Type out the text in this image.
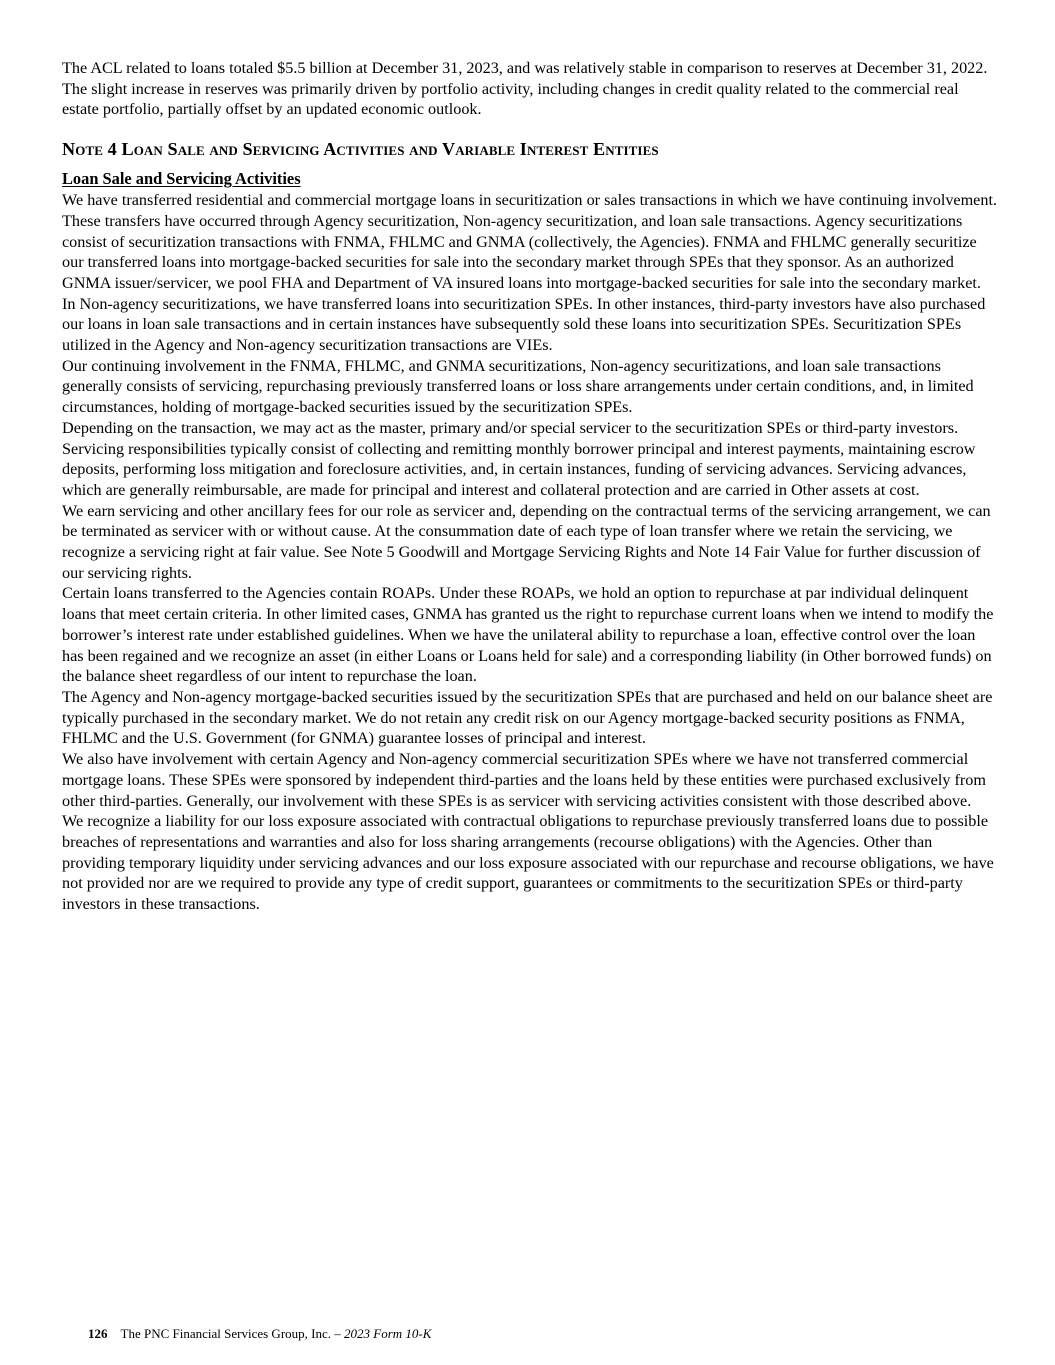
The ACL related to loans totaled $5.5 billion at December 31, 2023, and was relatively stable in comparison to reserves at December 31, 2022. The slight increase in reserves was primarily driven by portfolio activity, including changes in credit quality related to the commercial real estate portfolio, partially offset by an updated economic outlook.

Note 4 Loan Sale and Servicing Activities and Variable Interest Entities
Loan Sale and Servicing Activities

We have transferred residential and commercial mortgage loans in securitization or sales transactions in which we have continuing involvement. These transfers have occurred through Agency securitization, Non-agency securitization, and loan sale transactions. Agency securitizations consist of securitization transactions with FNMA, FHLMC and GNMA (collectively, the Agencies). FNMA and FHLMC generally securitize our transferred loans into mortgage-backed securities for sale into the secondary market through SPEs that they sponsor. As an authorized GNMA issuer/servicer, we pool FHA and Department of VA insured loans into mortgage-backed securities for sale into the secondary market. In Non-agency securitizations, we have transferred loans into securitization SPEs. In other instances, third-party investors have also purchased our loans in loan sale transactions and in certain instances have subsequently sold these loans into securitization SPEs. Securitization SPEs utilized in the Agency and Non-agency securitization transactions are VIEs.

Our continuing involvement in the FNMA, FHLMC, and GNMA securitizations, Non-agency securitizations, and loan sale transactions generally consists of servicing, repurchasing previously transferred loans or loss share arrangements under certain conditions, and, in limited circumstances, holding of mortgage-backed securities issued by the securitization SPEs.

Depending on the transaction, we may act as the master, primary and/or special servicer to the securitization SPEs or third-party investors. Servicing responsibilities typically consist of collecting and remitting monthly borrower principal and interest payments, maintaining escrow deposits, performing loss mitigation and foreclosure activities, and, in certain instances, funding of servicing advances. Servicing advances, which are generally reimbursable, are made for principal and interest and collateral protection and are carried in Other assets at cost.

We earn servicing and other ancillary fees for our role as servicer and, depending on the contractual terms of the servicing arrangement, we can be terminated as servicer with or without cause. At the consummation date of each type of loan transfer where we retain the servicing, we recognize a servicing right at fair value. See Note 5 Goodwill and Mortgage Servicing Rights and Note 14 Fair Value for further discussion of our servicing rights.

Certain loans transferred to the Agencies contain ROAPs. Under these ROAPs, we hold an option to repurchase at par individual delinquent loans that meet certain criteria. In other limited cases, GNMA has granted us the right to repurchase current loans when we intend to modify the borrower’s interest rate under established guidelines. When we have the unilateral ability to repurchase a loan, effective control over the loan has been regained and we recognize an asset (in either Loans or Loans held for sale) and a corresponding liability (in Other borrowed funds) on the balance sheet regardless of our intent to repurchase the loan.

The Agency and Non-agency mortgage-backed securities issued by the securitization SPEs that are purchased and held on our balance sheet are typically purchased in the secondary market. We do not retain any credit risk on our Agency mortgage-backed security positions as FNMA, FHLMC and the U.S. Government (for GNMA) guarantee losses of principal and interest.

We also have involvement with certain Agency and Non-agency commercial securitization SPEs where we have not transferred commercial mortgage loans. These SPEs were sponsored by independent third-parties and the loans held by these entities were purchased exclusively from other third-parties. Generally, our involvement with these SPEs is as servicer with servicing activities consistent with those described above.

We recognize a liability for our loss exposure associated with contractual obligations to repurchase previously transferred loans due to possible breaches of representations and warranties and also for loss sharing arrangements (recourse obligations) with the Agencies. Other than providing temporary liquidity under servicing advances and our loss exposure associated with our repurchase and recourse obligations, we have not provided nor are we required to provide any type of credit support, guarantees or commitments to the securitization SPEs or third-party investors in these transactions.

126 The PNC Financial Services Group, Inc. – 2023 Form 10-K
